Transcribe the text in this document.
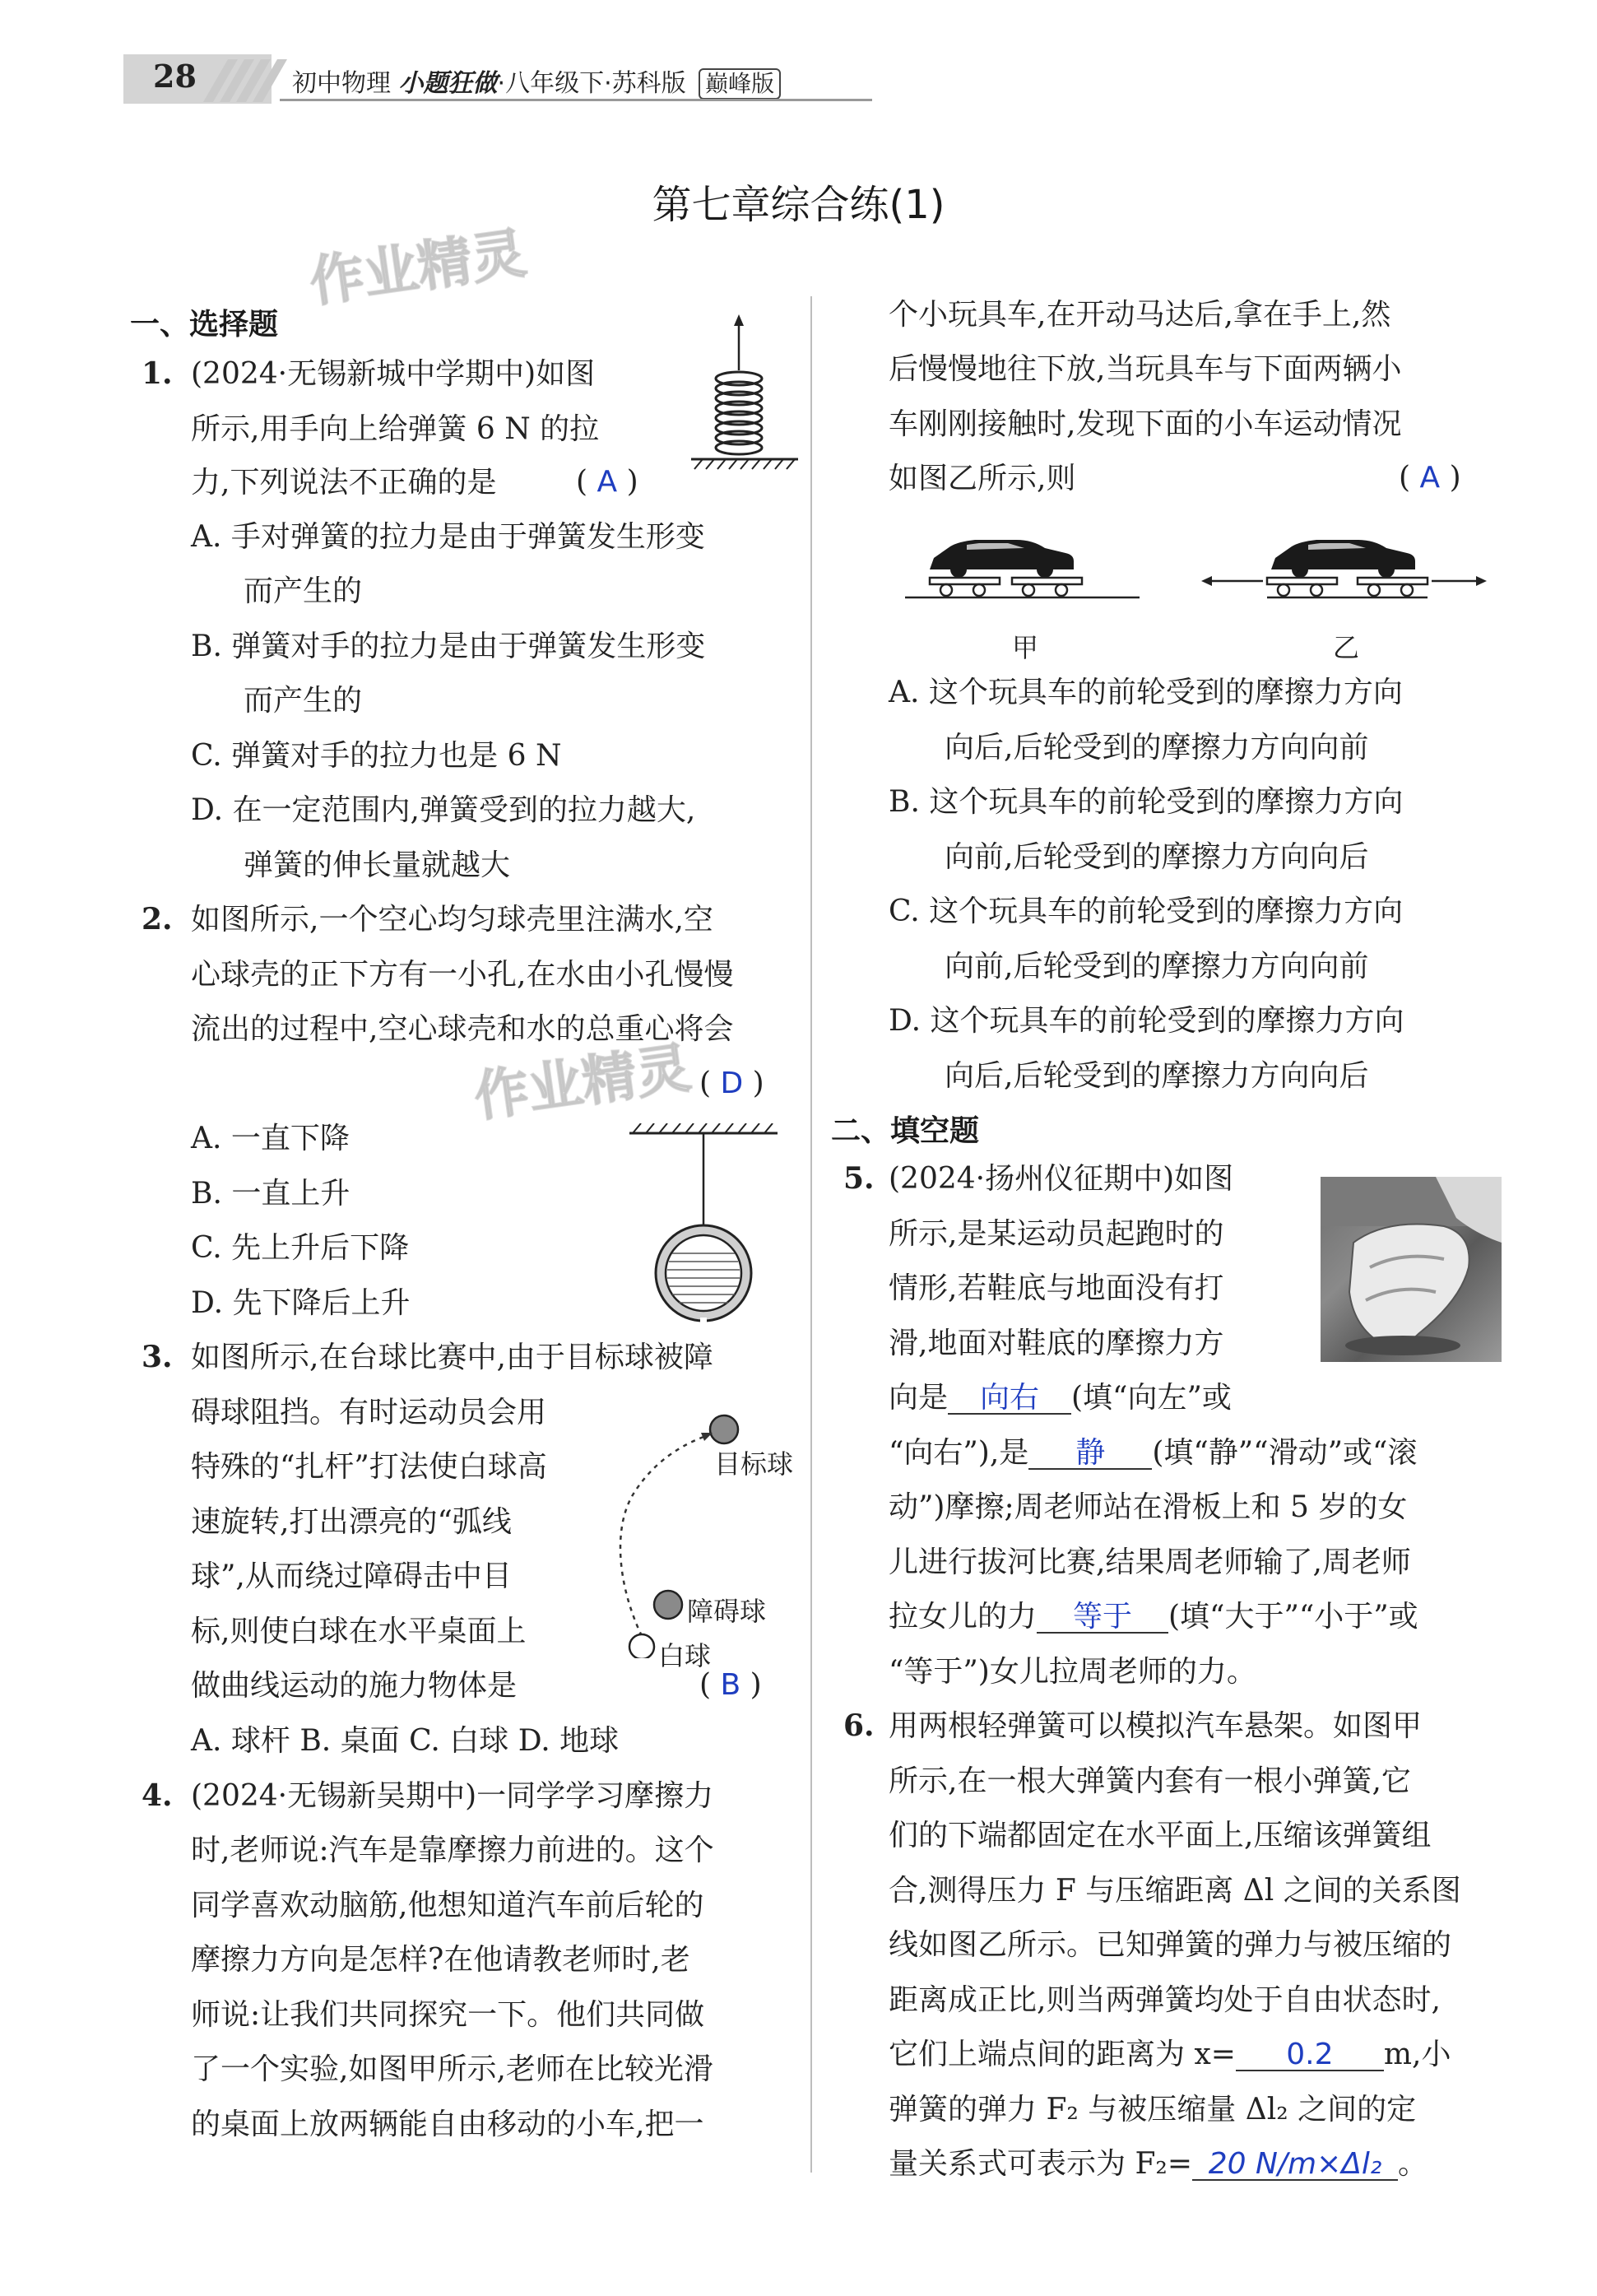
28	初中物理 小题狂做·八年级下·苏科版 巅峰版
第七章综合练(1)
作业精灵
作业精灵
一、选择题
1. (2024·无锡新城中学期中)如图
所示,用手向上给弹簧 6 N 的拉
力,下列说法不正确的是	( A )
A. 手对弹簧的拉力是由于弹簧发生形变
而产生的
B. 弹簧对手的拉力是由于弹簧发生形变
而产生的
C. 弹簧对手的拉力也是 6 N
D. 在一定范围内,弹簧受到的拉力越大,
弹簧的伸长量就越大
2. 如图所示,一个空心均匀球壳里注满水,空
心球壳的正下方有一小孔,在水由小孔慢慢
流出的过程中,空心球壳和水的总重心将会
( D )
A. 一直下降
B. 一直上升
C. 先上升后下降
D. 先下降后上升
3. 如图所示,在台球比赛中,由于目标球被障
碍球阻挡。有时运动员会用
特殊的“扎杆”打法使白球高
速旋转,打出漂亮的“弧线
球”,从而绕过障碍击中目
标,则使白球在水平桌面上
做曲线运动的施力物体是	( B )
A. 球杆 B. 桌面 C. 白球 D. 地球
目标球
障碍球
白球
4. (2024·无锡新吴期中)一同学学习摩擦力
时,老师说:汽车是靠摩擦力前进的。这个
同学喜欢动脑筋,他想知道汽车前后轮的
摩擦力方向是怎样?在他请教老师时,老
师说:让我们共同探究一下。他们共同做
了一个实验,如图甲所示,老师在比较光滑
的桌面上放两辆能自由移动的小车,把一
个小玩具车,在开动马达后,拿在手上,然
后慢慢地往下放,当玩具车与下面两辆小
车刚刚接触时,发现下面的小车运动情况
如图乙所示,则	( A )
甲	乙
A. 这个玩具车的前轮受到的摩擦力方向
向后,后轮受到的摩擦力方向向前
B. 这个玩具车的前轮受到的摩擦力方向
向前,后轮受到的摩擦力方向向后
C. 这个玩具车的前轮受到的摩擦力方向
向前,后轮受到的摩擦力方向向前
D. 这个玩具车的前轮受到的摩擦力方向
向后,后轮受到的摩擦力方向向后
二、填空题
5. (2024·扬州仪征期中)如图
所示,是某运动员起跑时的
情形,若鞋底与地面没有打
滑,地面对鞋底的摩擦力方
向是 向右 (填“向左”或
“向右”),是 静 (填“静”“滑动”或“滚
动”)摩擦;周老师站在滑板上和 5 岁的女
儿进行拔河比赛,结果周老师输了,周老师
拉女儿的力 等于 (填“大于”“小于”或
“等于”)女儿拉周老师的力。
6. 用两根轻弹簧可以模拟汽车悬架。如图甲
所示,在一根大弹簧内套有一根小弹簧,它
们的下端都固定在水平面上,压缩该弹簧组
合,测得压力 F 与压缩距离 Δl 之间的关系图
线如图乙所示。已知弹簧的弹力与被压缩的
距离成正比,则当两弹簧均处于自由状态时,
它们上端点间的距离为 x= 0.2 m,小
弹簧的弹力 F₂ 与被压缩量 Δl₂ 之间的定
量关系式可表示为 F₂= 20 N/m×Δl₂ 。
